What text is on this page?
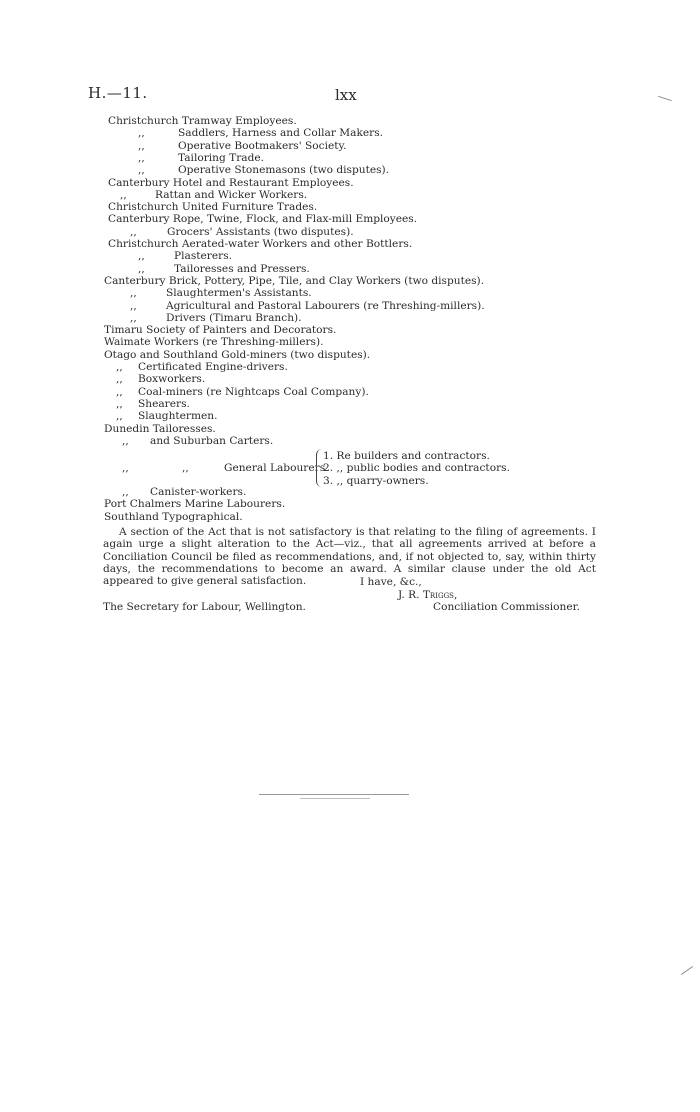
H.—11.	lxx
Christchurch Tramway Employees.
,,	Saddlers, Harness and Collar Makers.
,,	Operative Bootmakers' Society.
,,	Tailoring Trade.
,,	Operative Stonemasons (two disputes).
Canterbury Hotel and Restaurant Employees.
,,	Rattan and Wicker Workers.
Christchurch United Furniture Trades.
Canterbury Rope, Twine, Flock, and Flax-mill Employees.
,,	Grocers' Assistants (two disputes).
Christchurch Aerated-water Workers and other Bottlers.
,,	Plasterers.
,,	Tailoresses and Pressers.
Canterbury Brick, Pottery, Pipe, Tile, and Clay Workers (two disputes).
,,	Slaughtermen's Assistants.
,,	Agricultural and Pastoral Labourers (re Threshing-millers).
,,	Drivers (Timaru Branch).
Timaru Society of Painters and Decorators.
Waimate Workers (re Threshing-millers).
Otago and Southland Gold-miners (two disputes).
,, Certificated Engine-drivers.
,, Boxworkers.
,, Coal-miners (re Nightcaps Coal Company).
,, Shearers.
,, Slaughtermen.
Dunedin Tailoresses.
,, and Suburban Carters.
,,	,,	General Labourers
1. Re builders and contractors.
2. ,, public bodies and contractors.
3. ,, quarry-owners.
,, Canister-workers.
Port Chalmers Marine Labourers.
Southland Typographical.
A section of the Act that is not satisfactory is that relating to the filing of agreements. I again urge a slight alteration to the Act—viz., that all agreements arrived at before a Conciliation Council be filed as recommendations, and, if not objected to, say, within thirty days, the recommendations to become an award. A similar clause under the old Act appeared to give general satisfaction.	I have, &c.,
J. R. Triggs,
The Secretary for Labour, Wellington.	Conciliation Commissioner.
